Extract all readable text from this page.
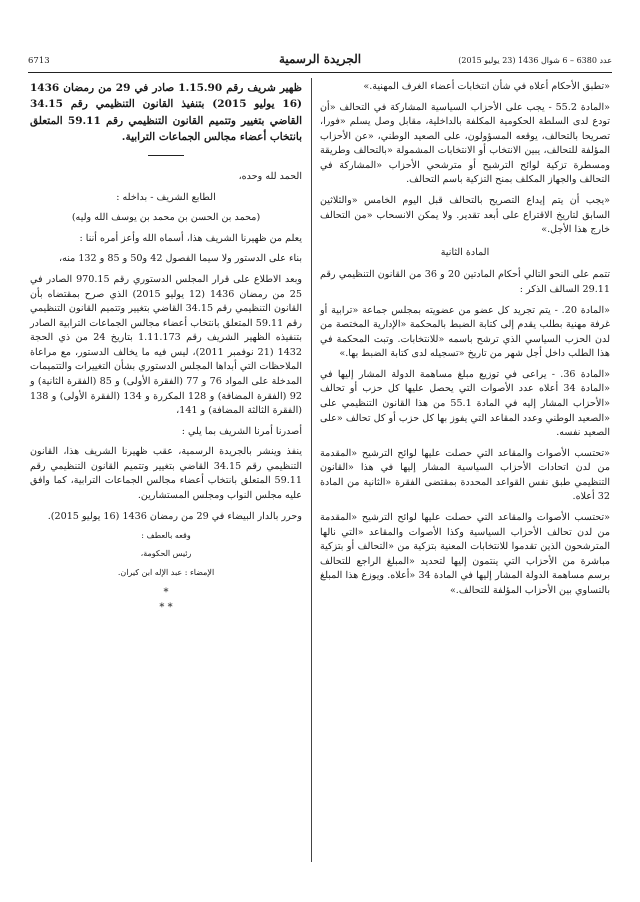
6713	الجريدة الرسمية	عدد 6380 – 6 شوال 1436 (23 يوليو 2015)

«تطبق الأحكام أعلاه في شأن انتخابات أعضاء الغرف المهنية.»

«المادة 55.2 - يجب على الأحزاب السياسية المشاركة في التحالف «أن تودع لدى السلطة الحكومية المكلفة بالداخلية، مقابل وصل يسلم «فورا، تصريحا بالتحالف، يوقعه المسؤولون، على الصعيد الوطني، «عن الأحزاب المؤلفة للتحالف، يبين الانتخاب أو الانتخابات المشمولة «بالتحالف وطريقة ومسطرة تزكية لوائح الترشيح أو مترشحي الأحزاب «المشاركة في التحالف والجهاز المكلف بمنح التزكية باسم التحالف.

«يجب أن يتم إيداع التصريح بالتحالف قبل اليوم الخامس «والثلاثين السابق لتاريخ الاقتراع على أبعد تقدير. ولا يمكن الانسحاب «من التحالف خارج هذا الأجل.»

المادة الثانية

تتمم على النحو التالي أحكام المادتين 20 و 36 من القانون التنظيمي رقم 29.11 السالف الذكر :

«المادة 20. - يتم تجريد كل عضو من عضويته بمجلس جماعة «ترابية أو غرفة مهنية بطلب يقدم إلى كتابة الضبط بالمحكمة «الإدارية المختصة من لدن الحزب السياسي الذي ترشح باسمه «للانتخابات. وتبت المحكمة في هذا الطلب داخل أجل شهر من تاريخ «تسجيله لدى كتابة الضبط بها.»

«المادة 36. - يراعى في توزيع مبلغ مساهمة الدولة المشار إليها في «المادة 34 أعلاه عدد الأصوات التي يحصل عليها كل حزب أو تحالف «الأحزاب المشار إليه في المادة 55.1 من هذا القانون التنظيمي على «الصعيد الوطني وعدد المقاعد التي يفوز بها كل حزب أو كل تحالف «على الصعيد نفسه.

«تحتسب الأصوات والمقاعد التي حصلت عليها لوائح الترشيح «المقدمة من لدن اتحادات الأحزاب السياسية المشار إليها في هذا «القانون التنظيمي طبق نفس القواعد المحددة بمقتضى الفقرة «الثانية من المادة 32 أعلاه.

«تحتسب الأصوات والمقاعد التي حصلت عليها لوائح الترشيح «المقدمة من لدن تحالف الأحزاب السياسية وكذا الأصوات والمقاعد «التي نالها المترشحون الذين تقدموا للانتخابات المعنية بتزكية من «التحالف أو بتزكية مباشرة من الأحزاب التي ينتمون إليها لتحديد «المبلغ الراجع للتحالف برسم مساهمة الدولة المشار إليها في المادة 34 «أعلاه. ويوزع هذا المبلغ بالتساوي بين الأحزاب المؤلفة للتحالف.»

ظهير شريف رقم 1.15.90 صادر في 29 من رمضان 1436 (16 يوليو 2015) بتنفيذ القانون التنظيمي رقم 34.15 القاضي بتغيير وتتميم القانون التنظيمي رقم 59.11 المتعلق بانتخاب أعضاء مجالس الجماعات الترابية.

الحمد لله وحده،

الطابع الشريف - بداخله :

(محمد بن الحسن بن محمد بن يوسف الله وليه)

يعلم من ظهيرنا الشريف هذا، أسماه الله وأعز أمره أننا :

بناء على الدستور ولا سيما الفصول 42 و50 و 85 و 132 منه،

وبعد الاطلاع على قرار المجلس الدستوري رقم 970.15 الصادر في 25 من رمضان 1436 (12 يوليو 2015) الذي صرح بمقتضاه بأن القانون التنظيمي رقم 34.15 القاضي بتغيير وتتميم القانون التنظيمي رقم 59.11 المتعلق بانتخاب أعضاء مجالس الجماعات الترابية الصادر بتنفيذه الظهير الشريف رقم 1.11.173 بتاريخ 24 من ذي الحجة 1432 (21 نوفمبر 2011)، ليس فيه ما يخالف الدستور، مع مراعاة الملاحظات التي أبداها المجلس الدستوري بشأن التغييرات والتتميمات المدخلة على المواد 76 و 77 (الفقرة الأولى) و 85 (الفقرة الثانية) و 92 (الفقرة المضافة) و 128 المكررة و 134 (الفقرة الأولى) و 138 (الفقرة الثالثة المضافة) و 141،

أصدرنا أمرنا الشريف بما يلي :

ينفذ وينشر بالجريدة الرسمية، عقب ظهيرنا الشريف هذا، القانون التنظيمي رقم 34.15 القاضي بتغيير وتتميم القانون التنظيمي رقم 59.11 المتعلق بانتخاب أعضاء مجالس الجماعات الترابية، كما وافق عليه مجلس النواب ومجلس المستشارين.

وحرر بالدار البيضاء في 29 من رمضان 1436 (16 يوليو 2015).

وقعه بالعطف :

رئيس الحكومة،

الإمضاء : عبد الإله ابن كيران.

*
* *
